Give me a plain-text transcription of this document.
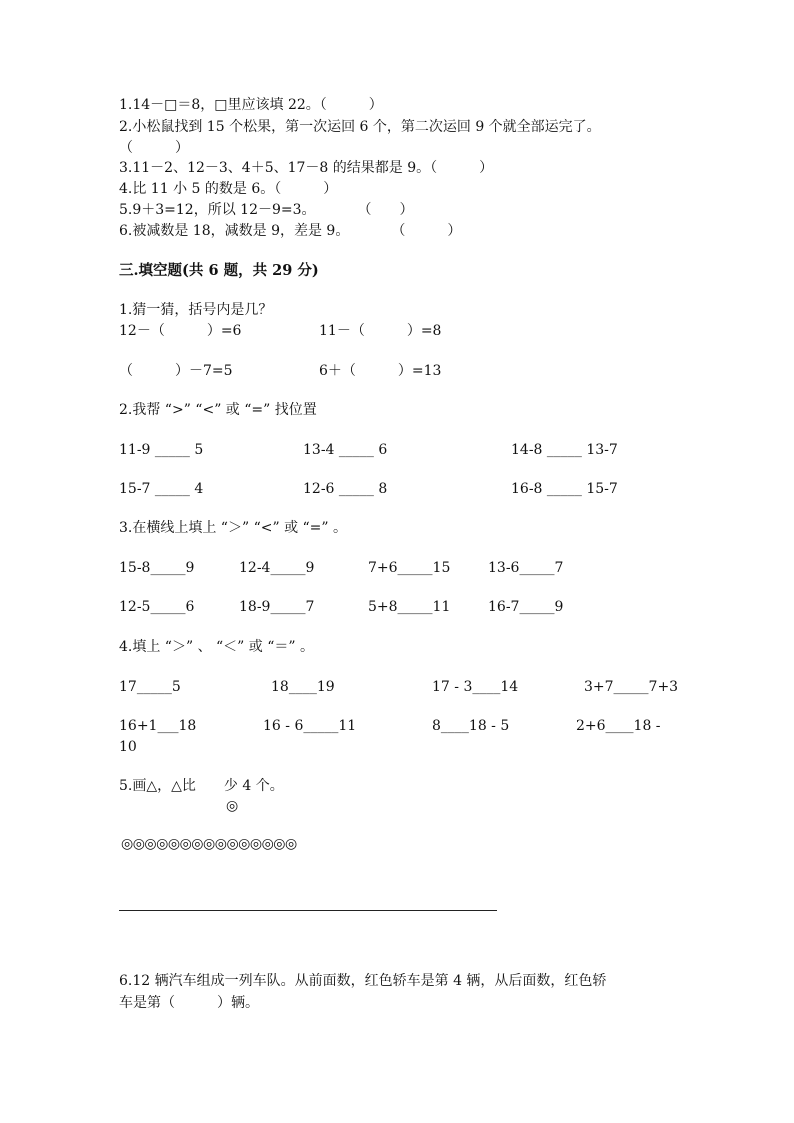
1.14－□＝8，□里应该填 22。（　　　）
2.小松鼠找到 15 个松果，第一次运回 6 个，第二次运回 9 个就全部运完了。
（　　　）
3.11－2、12－3、4＋5、17－8 的结果都是 9。（　　　）
4.比 11 小 5 的数是 6。（　　　）
5.9＋3=12，所以 12－9=3。　　　　（　　）
6.被减数是 18，减数是 9，差是 9。　　　　（　　　）
三.填空题(共 6 题，共 29 分)
1.猜一猜，括号内是几？
12－（　　　）=6	11－（　　　）=8
（　　　）－7=5	6＋（　　　）=13
2.我帮 “>” “<” 或 “=” 找位置
11-9 _____ 5	13-4 _____ 6	14-8 _____ 13-7
15-7 _____ 4	12-6 _____ 8	16-8 _____ 15-7
3.在横线上填上 “＞” “<” 或 “=” 。
15-8_____9	12-4_____9	7+6_____15	13-6_____7
12-5_____6	18-9_____7	5+8_____11	16-7_____9
4.填上 “＞” 、 “＜” 或 “＝” 。
17_____5	18____19	17 - 3____14	3+7_____7+3
16+1___18	16 - 6_____11	8____18 - 5	2+6____18 -
10
5.画△，△比　　少 4 个。
◎
◎◎◎◎◎◎◎◎◎◎◎◎◎◎◎
6.12 辆汽车组成一列车队。从前面数，红色轿车是第 4 辆，从后面数，红色轿
车是第（　　　）辆。
